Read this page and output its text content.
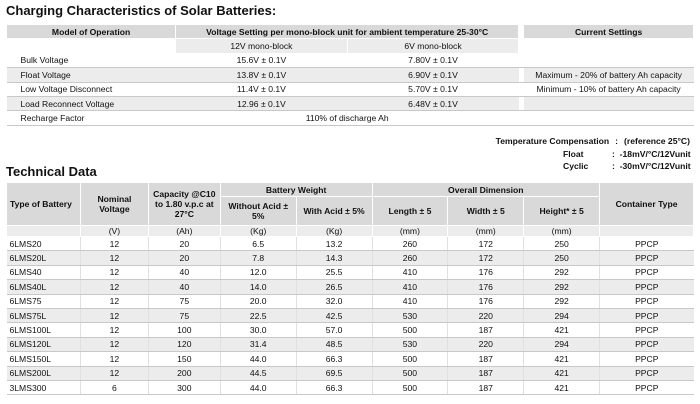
Charging Characteristics of Solar Batteries:
Model of Operation	Voltage Setting per mono-block unit for ambient temperature 25-30°C			Current Settings
	12V mono-block	6V mono-block		
Bulk Voltage	15.6V ± 0.1V	7.80V ± 0.1V		
Float Voltage	13.8V ± 0.1V	6.90V ± 0.1V		Maximum - 20% of battery Ah capacity
Low Voltage Disconnect	11.4V ± 0.1V	5.70V ± 0.1V		Minimum - 10% of battery Ah capacity
Load Reconnect Voltage	12.96 ± 0.1V	6.48V ± 0.1V		
Recharge Factor	110% of discharge Ah			
Temperature Compensation : (reference 25°C)
Float	: -18mV/°C/12Vunit
Cyclic	: -30mV/°C/12Vunit
Technical Data
Type of Battery	Nominal Voltage	Capacity @C10 to 1.80 v.p.c at 27°C	Battery Weight		Overall Dimension			Container Type
			Without Acid ± 5%	With Acid ± 5%	Length ± 5	Width ± 5	Height* ± 5	
	(V)	(Ah)	(Kg)	(Kg)	(mm)	(mm)	(mm)	
6LMS20	12	20	6.5	13.2	260	172	250	PPCP
6LMS20L	12	20	7.8	14.3	260	172	250	PPCP
6LMS40	12	40	12.0	25.5	410	176	292	PPCP
6LMS40L	12	40	14.0	26.5	410	176	292	PPCP
6LMS75	12	75	20.0	32.0	410	176	292	PPCP
6LMS75L	12	75	22.5	42.5	530	220	294	PPCP
6LMS100L	12	100	30.0	57.0	500	187	421	PPCP
6LMS120L	12	120	31.4	48.5	530	220	294	PPCP
6LMS150L	12	150	44.0	66.3	500	187	421	PPCP
6LMS200L	12	200	44.5	69.5	500	187	421	PPCP
3LMS300	6	300	44.0	66.3	500	187	421	PPCP
